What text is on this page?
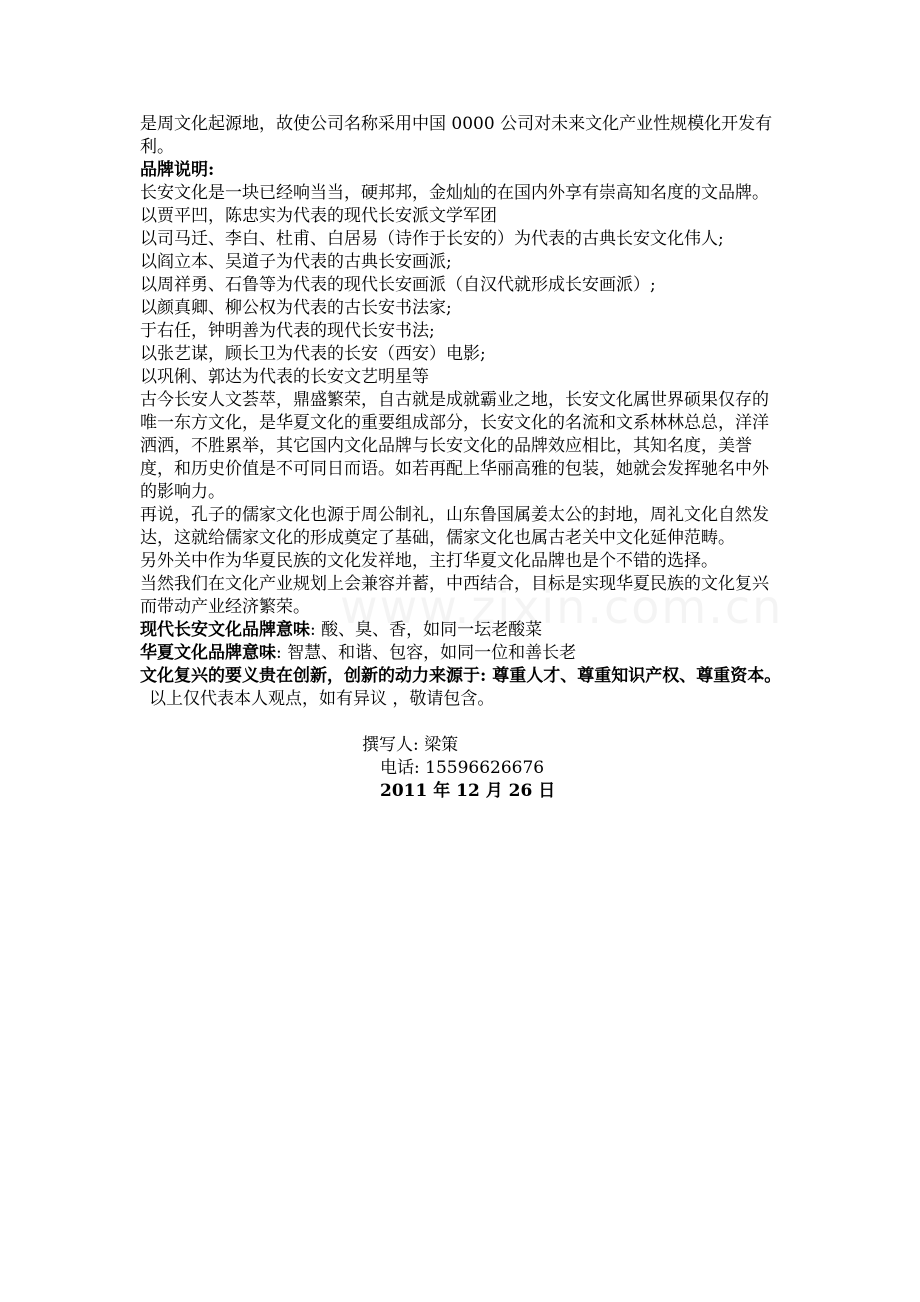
是周文化起源地，故使公司名称采用中国 0000 公司对未来文化产业性规模化开发有利。

品牌说明:

长安文化是一块已经响当当，硬邦邦，金灿灿的在国内外享有崇高知名度的文品牌。

以贾平凹，陈忠实为代表的现代长安派文学军团

以司马迁、李白、杜甫、白居易（诗作于长安的）为代表的古典长安文化伟人;

以阎立本、吴道子为代表的古典长安画派;

以周祥勇、石鲁等为代表的现代长安画派（自汉代就形成长安画派）;

以颜真卿、柳公权为代表的古长安书法家;

于右任，钟明善为代表的现代长安书法;

以张艺谋，顾长卫为代表的长安（西安）电影;

以巩俐、郭达为代表的长安文艺明星等

古今长安人文荟萃，鼎盛繁荣，自古就是成就霸业之地，长安文化属世界硕果仅存的唯一东方文化，是华夏文化的重要组成部分，长安文化的名流和文系林林总总，洋洋洒洒，不胜累举，其它国内文化品牌与长安文化的品牌效应相比，其知名度，美誉度，和历史价值是不可同日而语。如若再配上华丽高雅的包装，她就会发挥驰名中外的影响力。

再说，孔子的儒家文化也源于周公制礼，山东鲁国属姜太公的封地，周礼文化自然发达，这就给儒家文化的形成奠定了基础，儒家文化也属古老关中文化延伸范畴。

另外关中作为华夏民族的文化发祥地，主打华夏文化品牌也是个不错的选择。

当然我们在文化产业规划上会兼容并蓄，中西结合，目标是实现华夏民族的文化复兴而带动产业经济繁荣。

现代长安文化品牌意味: 酸、臭、香，如同一坛老酸菜

华夏文化品牌意味: 智慧、和谐、包容，如同一位和善长老

文化复兴的要义贵在创新，创新的动力来源于: 尊重人才、尊重知识产权、尊重资本。

以上仅代表本人观点，如有异议 ，敬请包含。

撰写人: 梁策

电话: 15596626676

2011 年 12 月 26 日
